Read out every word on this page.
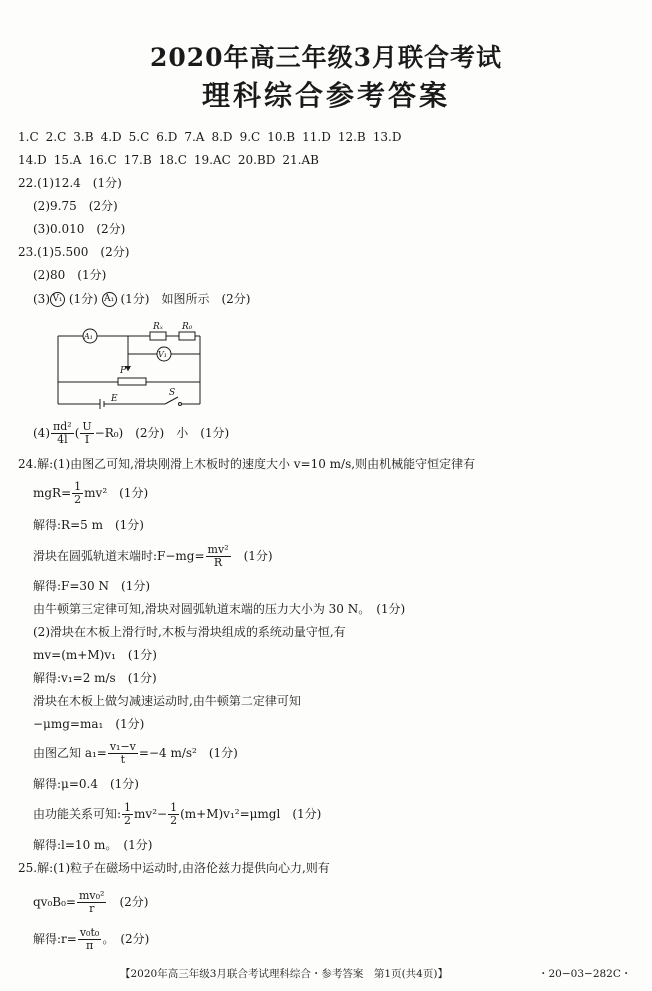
2020年高三年级3月联合考试
理科综合参考答案
1.C 2.C 3.B 4.D 5.C 6.D 7.A 8.D 9.C 10.B 11.D 12.B 13.D
14.D 15.A 16.C 17.B 18.C 19.AC 20.BD 21.AB
22.(1)12.4　(1分)
(2)9.75　(2分)
(3)0.010　(2分)
23.(1)5.500　(2分)
(2)80　(1分)
(3) V₁ (1分) A₁ (1分)　如图所示　(2分)
A₁
Rₓ R₀
V₁
P
E
S
$(4) \frac{\text{πd²}}{4l}$ ( $\frac{U}{I} -R_0$)　(2分)　小　(1分)
24.解:(1)由图乙可知,滑块刚滑上木板时的速度大小 v=10 m/s,则由机械能守恒定律有
$mgR= \frac{1}{2} mv^2$　(1分)
解得:R=5 m　(1分)
滑块在圆弧轨道末端时:F−mg= $\frac{\text{mv²}}{R}$ 　(1分)
解得:F=30 N　(1分)
由牛顿第三定律可知,滑块对圆弧轨道末端的压力大小为 30 N。　(1分)
(2)滑块在木板上滑行时,木板与滑块组成的系统动量守恒,有
mv=(m+M)v₁　(1分)
解得:v₁=2 m/s　(1分)
滑块在木板上做匀减速运动时,由牛顿第二定律可知
−μmg=ma₁　(1分)
由图乙知 $a_1= \frac{\text{v₁−v}}{t} =-4$ m/s²　(1分)
解得:μ=0.4　(1分)
由功能关系可知: $\frac{1}{2} mv^2- \frac{1}{2} (m+M)v_1^2=\mu mgl$　(1分)
解得:l=10 m。　(1分)
25.解:(1)粒子在磁场中运动时,由洛伦兹力提供向心力,则有
$qv_0B_0= \frac{\text{mv₀²}}{r}$ 　(2分)
解得:r= $\frac{\text{v₀t₀}}{\pi}$ 。　(2分)
【2020年高三年级3月联合考试理科综合・参考答案　第1页(共4页)】	・20−03−282C・
